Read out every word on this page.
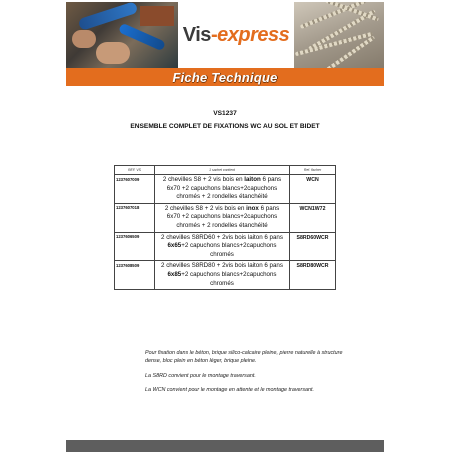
Vis-express
Fiche Technique
VS1237
ENSEMBLE COMPLET DE FIXATIONS WC AU SOL ET BIDET
REF. VS	1 sachet contient	Ref. fischer
1237607009	2 chevilles S8 + 2 vis bois en laiton 6 pans 6x70 +2 capuchons blancs+2capuchons chromés + 2 rondelles étanchéité	WCN
1237607018	2 chevilles S8 + 2 vis bois en inox 6 pans 6x70 +2 capuchons blancs+2capuchons chromés + 2 rondelles étanchéité	WCN1W72
1237606509	2 chevilles S8RD60 + 2vis bois laiton 6 pans 6x65+2 capuchons blancs+2capuchons chromés	S8RD60WCR
1237608509	2 chevilles S8RD80 + 2vis bois laiton 6 pans 6x85+2 capuchons blancs+2capuchons chromés	S8RD80WCR
Pour fixation dans le béton, brique silico-calcaire pleine, pierre naturelle à structure dense, bloc plein en béton léger, brique pleine.
La S8RD convient pour le montage traversant.
La WCN convient pour le montage en attente et le montage traversant.
